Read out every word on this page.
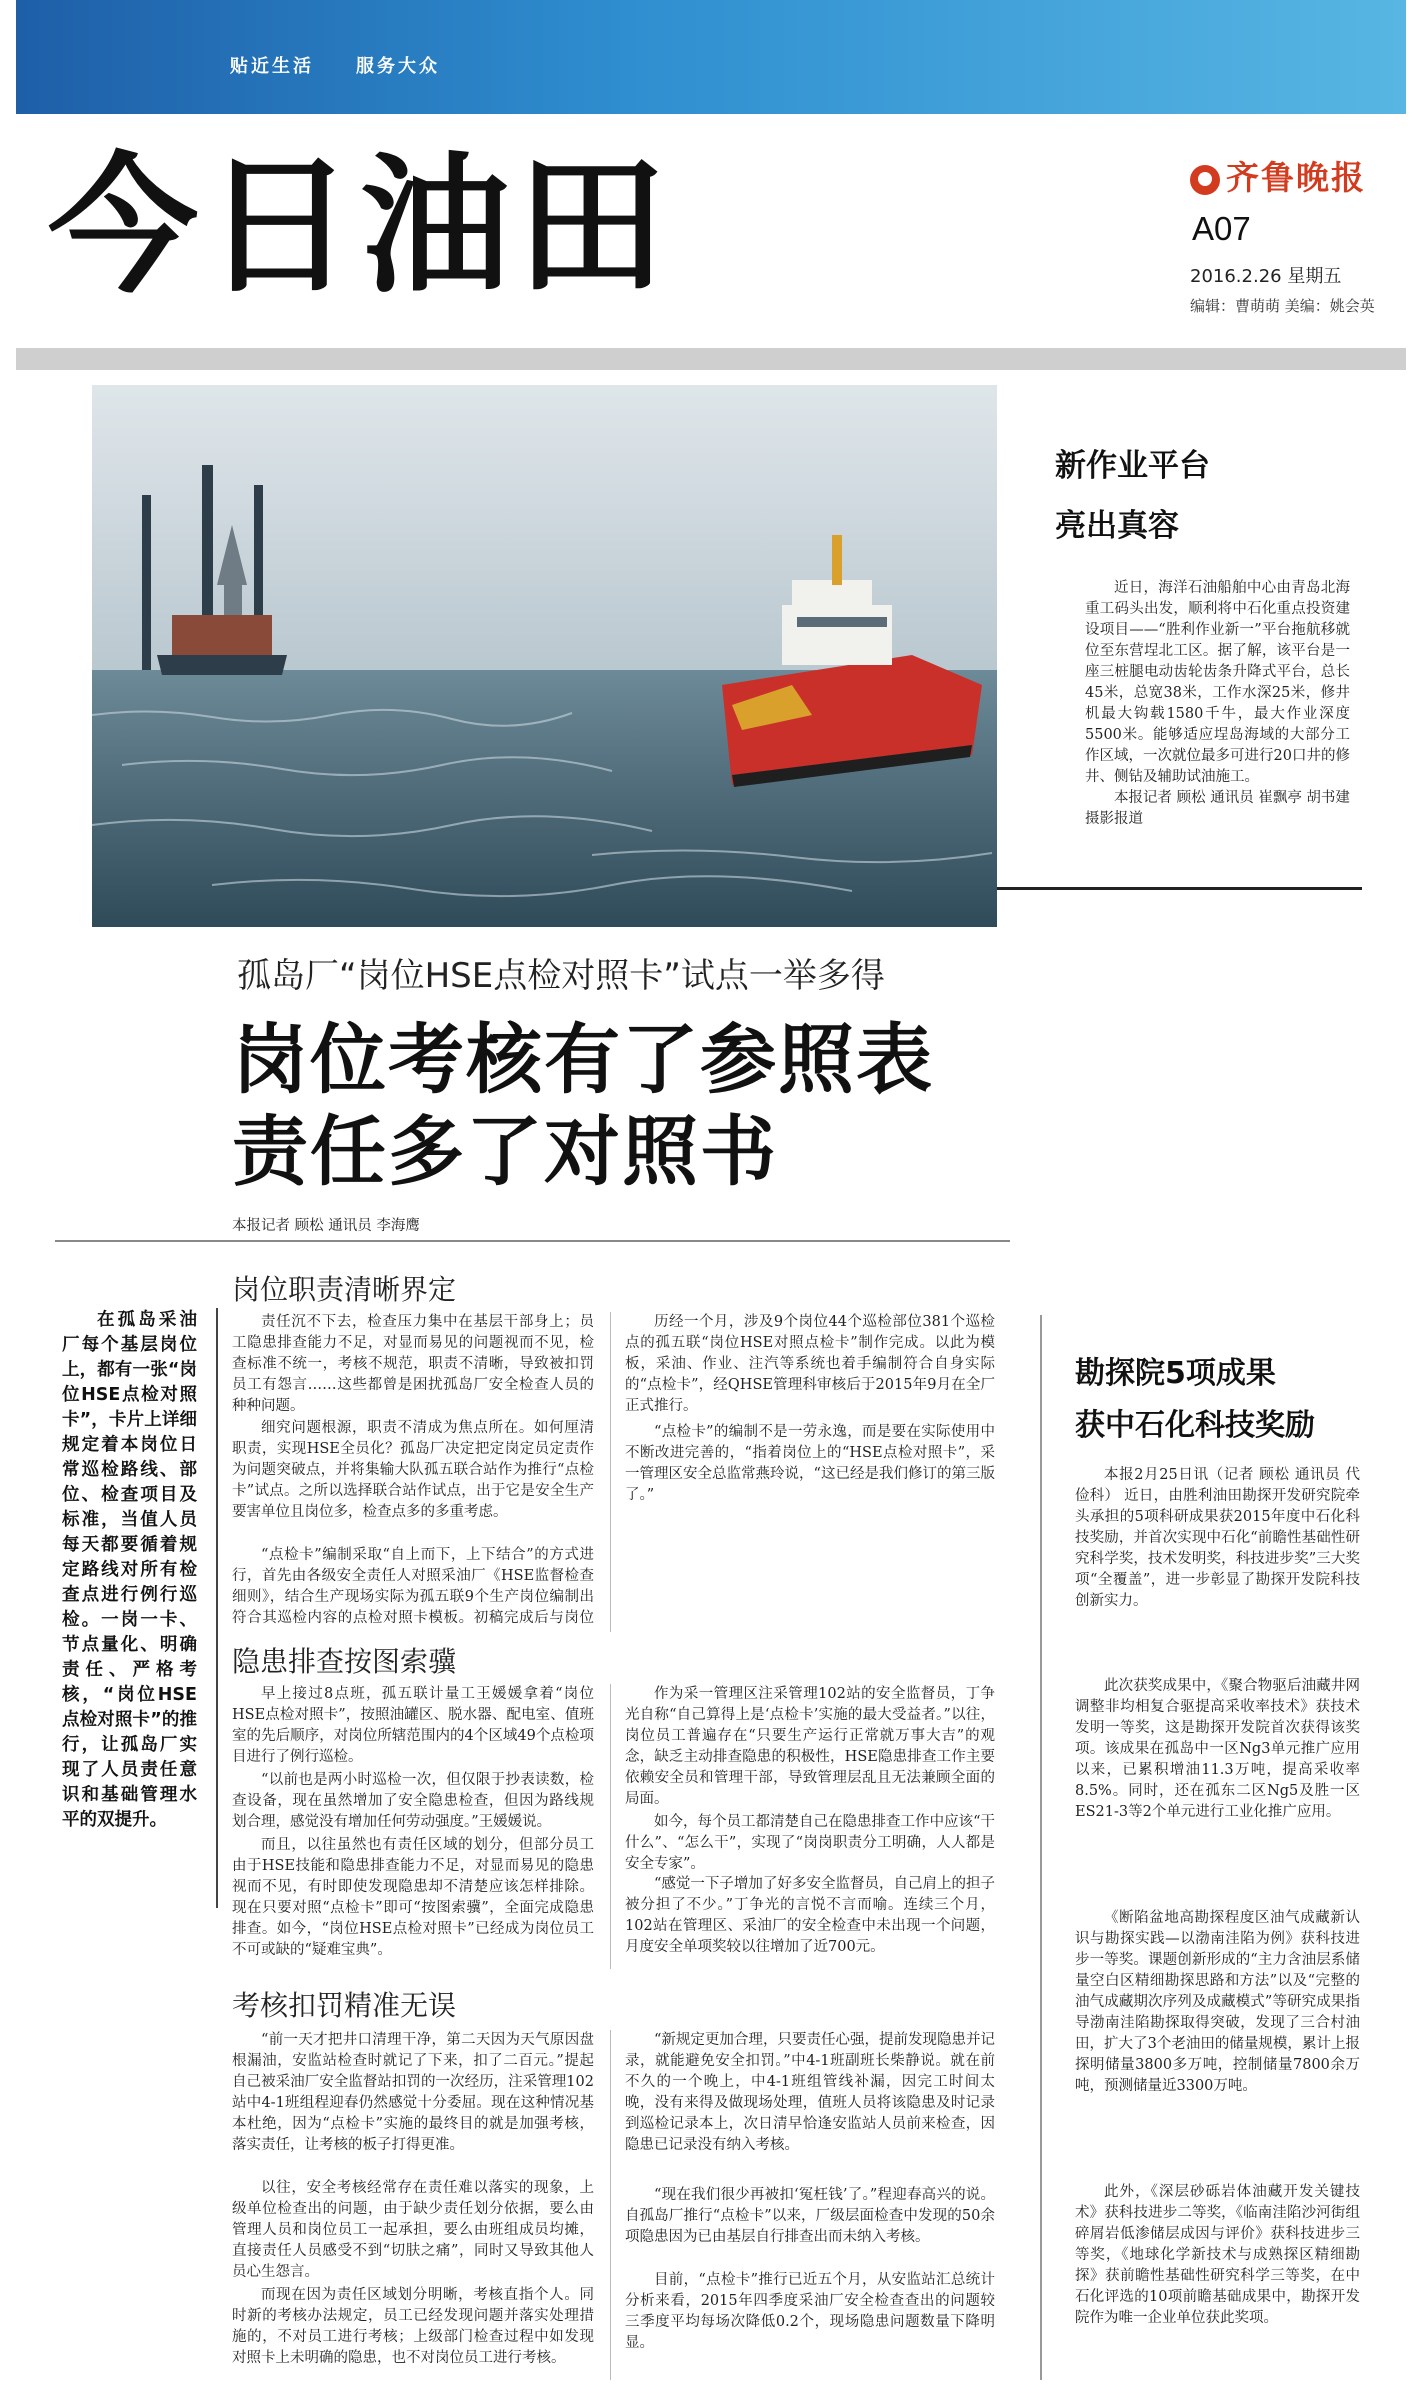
贴近生活 服务大众
今日油田	齐鲁晚报
A07
2016.2.26 星期五
编辑：曹萌萌 美编：姚会英
新作业平台
亮出真容
近日，海洋石油船舶中心由青岛北海重工码头出发，顺利将中石化重点投资建设项目——“胜利作业新一”平台拖航移就位至东营埕北工区。据了解，该平台是一座三桩腿电动齿轮齿条升降式平台，总长45米，总宽38米，工作水深25米，修井机最大钩载1580千牛，最大作业深度5500米。能够适应埕岛海域的大部分工作区域，一次就位最多可进行20口井的修井、侧钻及辅助试油施工。
本报记者 顾松 通讯员 崔飘亭 胡书建 摄影报道
孤岛厂“岗位HSE点检对照卡”试点一举多得
岗位考核有了参照表
责任多了对照书
本报记者 顾松 通讯员 李海鹰
在孤岛采油厂每个基层岗位上，都有一张“岗位HSE点检对照卡”，卡片上详细规定着本岗位日常巡检路线、部位、检查项目及标准，当值人员每天都要循着规定路线对所有检查点进行例行巡检。一岗一卡、节点量化、明确责任、严格考核，“岗位HSE点检对照卡”的推行，让孤岛厂实现了人员责任意识和基础管理水平的双提升。
岗位职责清晰界定
责任沉不下去，检查压力集中在基层干部身上；员工隐患排查能力不足，对显而易见的问题视而不见，检查标准不统一，考核不规范，职责不清晰，导致被扣罚员工有怨言……这些都曾是困扰孤岛厂安全检查人员的种种问题。
细究问题根源，职责不清成为焦点所在。如何厘清职责，实现HSE全员化？孤岛厂决定把定岗定员定责作为问题突破点，并将集输大队孤五联合站作为推行“点检卡”试点。之所以选择联合站作试点，出于它是安全生产要害单位且岗位多，检查点多的多重考虑。
“点检卡”编制采取“自上而下，上下结合”的方式进行，首先由各级安全责任人对照采油厂《HSE监督检查细则》，结合生产现场实际为孤五联9个生产岗位编制出符合其巡检内容的点检对照卡模板。初稿完成后与岗位
历经一个月，涉及9个岗位44个巡检部位381个巡检点的孤五联“岗位HSE对照点检卡”制作完成。以此为模板，采油、作业、注汽等系统也着手编制符合自身实际的“点检卡”，经QHSE管理科审核后于2015年9月在全厂正式推行。
“点检卡”的编制不是一劳永逸，而是要在实际使用中不断改进完善的，“指着岗位上的“HSE点检对照卡”，采一管理区安全总监常燕玲说，“这已经是我们修订的第三版了。”
隐患排查按图索骥
早上接过8点班，孤五联计量工王媛媛拿着“岗位HSE点检对照卡”，按照油罐区、脱水器、配电室、值班室的先后顺序，对岗位所辖范围内的4个区域49个点检项目进行了例行巡检。
“以前也是两小时巡检一次，但仅限于抄表读数，检查设备，现在虽然增加了安全隐患检查，但因为路线规划合理，感觉没有增加任何劳动强度。”王媛媛说。
而且，以往虽然也有责任区域的划分，但部分员工由于HSE技能和隐患排查能力不足，对显而易见的隐患视而不见，有时即使发现隐患却不清楚应该怎样排除。现在只要对照“点检卡”即可“按图索骥”，全面完成隐患排查。如今，“岗位HSE点检对照卡”已经成为岗位员工不可或缺的“疑难宝典”。
作为采一管理区注采管理102站的安全监督员，丁争光自称“自己算得上是‘点检卡’实施的最大受益者。”以往，岗位员工普遍存在“只要生产运行正常就万事大吉”的观念，缺乏主动排查隐患的积极性，HSE隐患排查工作主要依赖安全员和管理干部，导致管理层乱且无法兼顾全面的局面。
如今，每个员工都清楚自己在隐患排查工作中应该“干什么”、“怎么干”，实现了“岗岗职责分工明确，人人都是安全专家”。
“感觉一下子增加了好多安全监督员，自己肩上的担子被分担了不少。”丁争光的言悦不言而喻。连续三个月，102站在管理区、采油厂的安全检查中未出现一个问题，月度安全单项奖较以往增加了近700元。
考核扣罚精准无误
“前一天才把井口清理干净，第二天因为天气原因盘根漏油，安监站检查时就记了下来，扣了二百元。”提起自己被采油厂安全监督站扣罚的一次经历，注采管理102站中4-1班组程迎春仍然感觉十分委屈。现在这种情况基本杜绝，因为“点检卡”实施的最终目的就是加强考核，落实责任，让考核的板子打得更准。
以往，安全考核经常存在责任难以落实的现象，上级单位检查出的问题，由于缺少责任划分依据，要么由管理人员和岗位员工一起承担，要么由班组成员均摊，直接责任人员感受不到“切肤之痛”，同时又导致其他人员心生怨言。
而现在因为责任区域划分明晰，考核直指个人。同时新的考核办法规定，员工已经发现问题并落实处理措施的，不对员工进行考核；上级部门检查过程中如发现对照卡上未明确的隐患，也不对岗位员工进行考核。
“新规定更加合理，只要责任心强，提前发现隐患并记录，就能避免安全扣罚。”中4-1班副班长柴静说。就在前不久的一个晚上，中4-1班组管线补漏，因完工时间太晚，没有来得及做现场处理，值班人员将该隐患及时记录到巡检记录本上，次日清早恰逢安监站人员前来检查，因隐患已记录没有纳入考核。
“现在我们很少再被扣‘冤枉钱’了。”程迎春高兴的说。自孤岛厂推行“点检卡”以来，厂级层面检查中发现的50余项隐患因为已由基层自行排查出而未纳入考核。
目前，“点检卡”推行已近五个月，从安监站汇总统计分析来看，2015年四季度采油厂安全检查查出的问题较三季度平均每场次降低0.2个，现场隐患问题数量下降明显。
勘探院5项成果
获中石化科技奖励
本报2月25日讯（记者 顾松 通讯员 代俭科） 近日，由胜利油田勘探开发研究院牵头承担的5项科研成果获2015年度中石化科技奖励，并首次实现中石化“前瞻性基础性研究科学奖，技术发明奖，科技进步奖”三大奖项“全覆盖”，进一步彰显了勘探开发院科技创新实力。
此次获奖成果中，《聚合物驱后油藏井网调整非均相复合驱提高采收率技术》获技术发明一等奖，这是勘探开发院首次获得该奖项。该成果在孤岛中一区Ng3单元推广应用以来，已累积增油11.3万吨，提高采收率8.5%。同时，还在孤东二区Ng5及胜一区ES21-3等2个单元进行工业化推广应用。
《断陷盆地高勘探程度区油气成藏新认识与勘探实践—以渤南洼陷为例》获科技进步一等奖。课题创新形成的“主力含油层系储量空白区精细勘探思路和方法”以及“完整的油气成藏期次序列及成藏模式”等研究成果指导渤南洼陷勘探取得突破，发现了三合村油田，扩大了3个老油田的储量规模，累计上报探明储量3800多万吨，控制储量7800余万吨，预测储量近3300万吨。
此外，《深层砂砾岩体油藏开发关键技术》获科技进步二等奖，《临南洼陷沙河街组碎屑岩低渗储层成因与评价》获科技进步三等奖，《地球化学新技术与成熟探区精细勘探》获前瞻性基础性研究科学三等奖，在中石化评选的10项前瞻基础成果中，勘探开发院作为唯一企业单位获此奖项。
